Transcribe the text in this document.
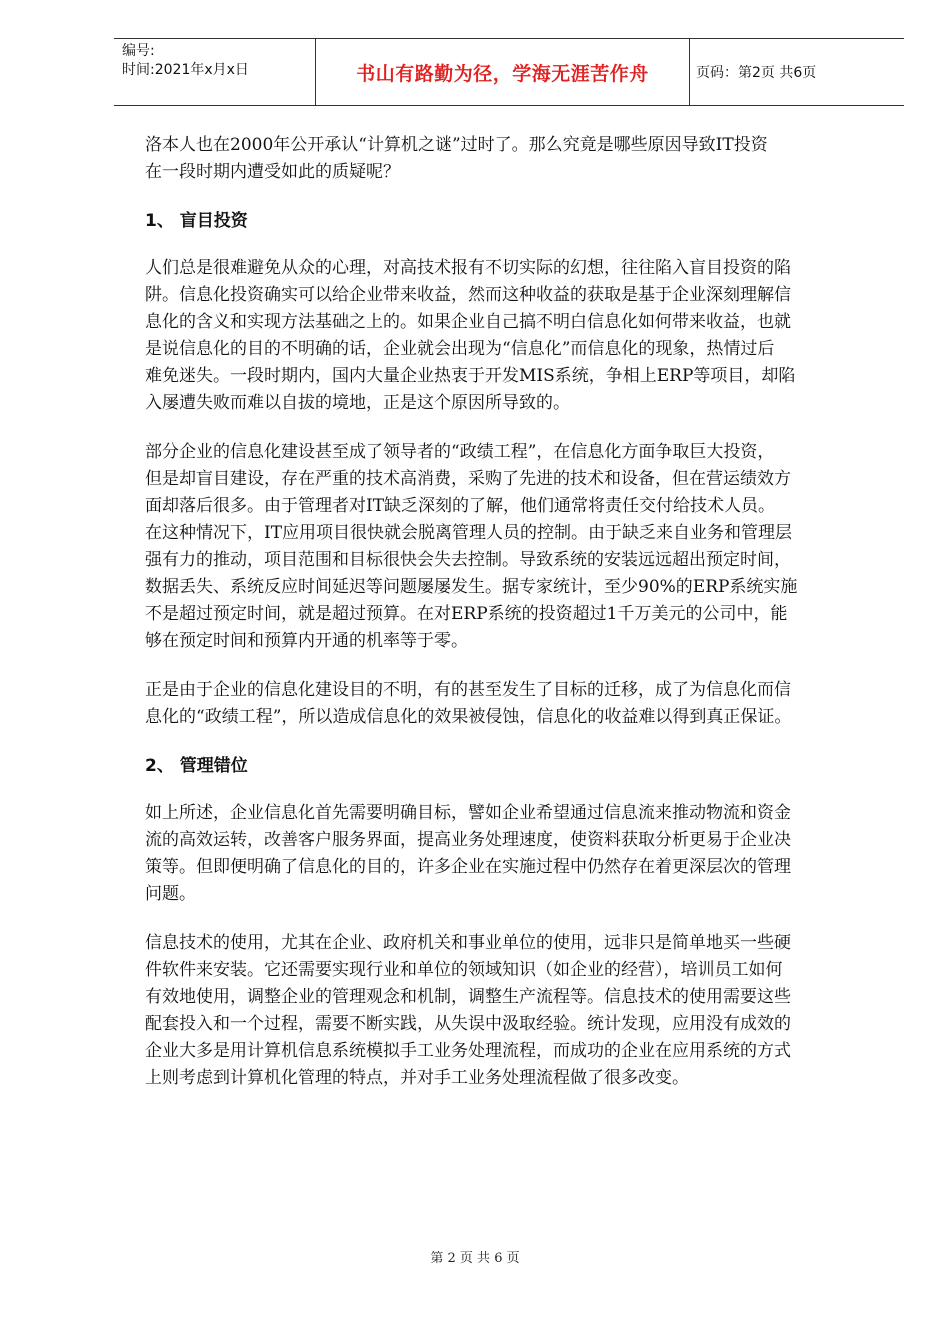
编号:
时间:2021年x月x日	书山有路勤为径，学海无涯苦作舟	页码：第2页 共6页

洛本人也在2000年公开承认“计算机之谜”过时了。那么究竟是哪些原因导致IT投资
在一段时期内遭受如此的质疑呢？

1、 盲目投资

人们总是很难避免从众的心理，对高技术报有不切实际的幻想，往往陷入盲目投资的陷
阱。信息化投资确实可以给企业带来收益，然而这种收益的获取是基于企业深刻理解信
息化的含义和实现方法基础之上的。如果企业自己搞不明白信息化如何带来收益，也就
是说信息化的目的不明确的话，企业就会出现为“信息化”而信息化的现象，热情过后
难免迷失。一段时期内，国内大量企业热衷于开发MIS系统，争相上ERP等项目，却陷
入屡遭失败而难以自拔的境地，正是这个原因所导致的。

部分企业的信息化建设甚至成了领导者的“政绩工程”，在信息化方面争取巨大投资，
但是却盲目建设，存在严重的技术高消费，采购了先进的技术和设备，但在营运绩效方
面却落后很多。由于管理者对IT缺乏深刻的了解，他们通常将责任交付给技术人员。
在这种情况下，IT应用项目很快就会脱离管理人员的控制。由于缺乏来自业务和管理层
强有力的推动，项目范围和目标很快会失去控制。导致系统的安装远远超出预定时间，
数据丢失、系统反应时间延迟等问题屡屡发生。据专家统计，至少90%的ERP系统实施
不是超过预定时间，就是超过预算。在对ERP系统的投资超过1千万美元的公司中，能
够在预定时间和预算内开通的机率等于零。

正是由于企业的信息化建设目的不明，有的甚至发生了目标的迁移，成了为信息化而信
息化的“政绩工程”，所以造成信息化的效果被侵蚀，信息化的收益难以得到真正保证。

2、 管理错位

如上所述，企业信息化首先需要明确目标，譬如企业希望通过信息流来推动物流和资金
流的高效运转，改善客户服务界面，提高业务处理速度，使资料获取分析更易于企业决
策等。但即便明确了信息化的目的，许多企业在实施过程中仍然存在着更深层次的管理
问题。

信息技术的使用，尤其在企业、政府机关和事业单位的使用，远非只是简单地买一些硬
件软件来安装。它还需要实现行业和单位的领域知识（如企业的经营），培训员工如何
有效地使用，调整企业的管理观念和机制，调整生产流程等。信息技术的使用需要这些
配套投入和一个过程，需要不断实践，从失误中汲取经验。统计发现，应用没有成效的
企业大多是用计算机信息系统模拟手工业务处理流程，而成功的企业在应用系统的方式
上则考虑到计算机化管理的特点，并对手工业务处理流程做了很多改变。

第 2 页 共 6 页
